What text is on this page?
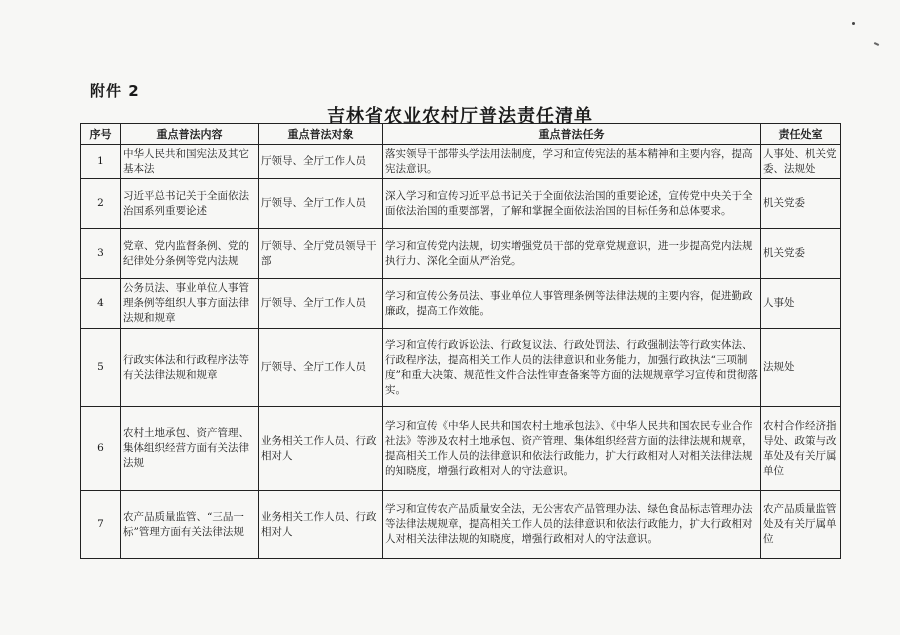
附件 2
吉林省农业农村厅普法责任清单
序号	重点普法内容	重点普法对象	重点普法任务	责任处室
1	中华人民共和国宪法及其它基本法	厅领导、全厅工作人员	落实领导干部带头学法用法制度，学习和宣传宪法的基本精神和主要内容，提高宪法意识。	人事处、机关党委、法规处
2	习近平总书记关于全面依法治国系列重要论述	厅领导、全厅工作人员	深入学习和宣传习近平总书记关于全面依法治国的重要论述，宣传党中央关于全面依法治国的重要部署，了解和掌握全面依法治国的目标任务和总体要求。	机关党委
3	党章、党内监督条例、党的纪律处分条例等党内法规	厅领导、全厅党员领导干部	学习和宣传党内法规，切实增强党员干部的党章党规意识，进一步提高党内法规执行力、深化全面从严治党。	机关党委
4	公务员法、事业单位人事管理条例等组织人事方面法律法规和规章	厅领导、全厅工作人员	学习和宣传公务员法、事业单位人事管理条例等法律法规的主要内容，促进勤政廉政，提高工作效能。	人事处
5	行政实体法和行政程序法等有关法律法规和规章	厅领导、全厅工作人员	学习和宣传行政诉讼法、行政复议法、行政处罚法、行政强制法等行政实体法、行政程序法，提高相关工作人员的法律意识和业务能力，加强行政执法“三项制度”和重大决策、规范性文件合法性审查备案等方面的法规规章学习宣传和贯彻落实。	法规处
6	农村土地承包、资产管理、集体组织经营方面有关法律法规	业务相关工作人员、行政相对人	学习和宣传《中华人民共和国农村土地承包法》、《中华人民共和国农民专业合作社法》等涉及农村土地承包、资产管理、集体组织经营方面的法律法规和规章，提高相关工作人员的法律意识和依法行政能力，扩大行政相对人对相关法律法规的知晓度，增强行政相对人的守法意识。	农村合作经济指导处、政策与改革处及有关厅属单位
7	农产品质量监管、“三品一标”管理方面有关法律法规	业务相关工作人员、行政相对人	学习和宣传农产品质量安全法，无公害农产品管理办法、绿色食品标志管理办法等法律法规规章，提高相关工作人员的法律意识和依法行政能力，扩大行政相对人对相关法律法规的知晓度，增强行政相对人的守法意识。	农产品质量监管处及有关厅属单位
